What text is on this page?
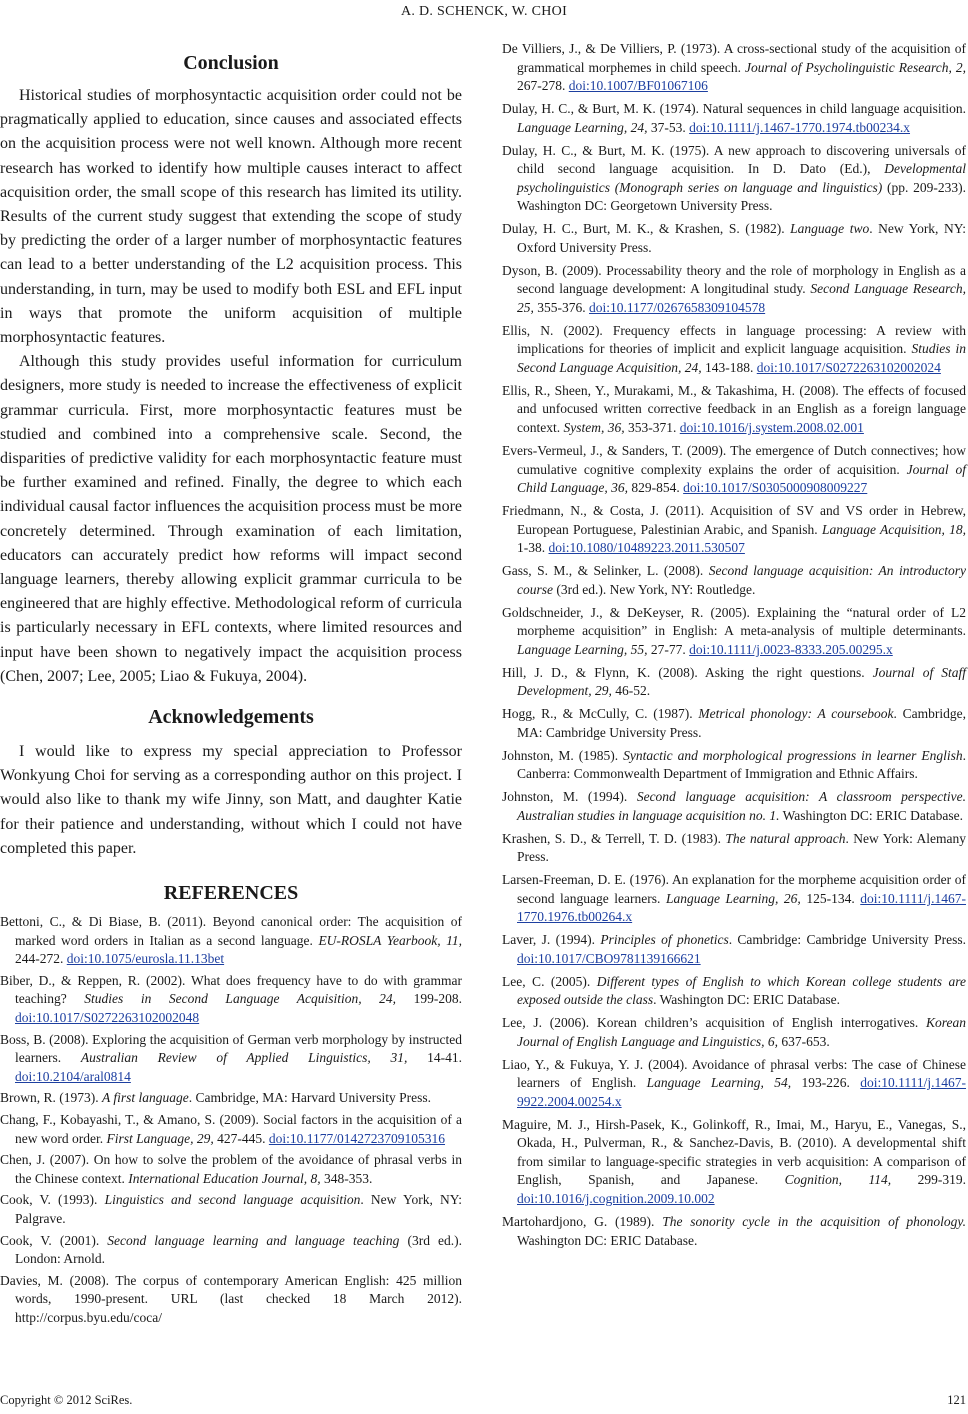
A. D. SCHENCK, W. CHOI
Conclusion

Historical studies of morphosyntactic acquisition order could not be pragmatically applied to education, since causes and associated effects on the acquisition process were not well known. Although more recent research has worked to identify how multiple causes interact to affect acquisition order, the small scope of this research has limited its utility. Results of the current study suggest that extending the scope of study by predicting the order of a larger number of morphosyntactic features can lead to a better understanding of the L2 acquisition process. This understanding, in turn, may be used to modify both ESL and EFL input in ways that promote the uniform acquisition of multiple morphosyntactic features.

Although this study provides useful information for curriculum designers, more study is needed to increase the effectiveness of explicit grammar curricula. First, more morphosyntactic features must be studied and combined into a comprehensive scale. Second, the disparities of predictive validity for each morphosyntactic feature must be further examined and refined. Finally, the degree to which each individual causal factor influences the acquisition process must be more concretely determined. Through examination of each limitation, educators can accurately predict how reforms will impact second language learners, thereby allowing explicit grammar curricula to be engineered that are highly effective. Methodological reform of curricula is particularly necessary in EFL contexts, where limited resources and input have been shown to negatively impact the acquisition process (Chen, 2007; Lee, 2005; Liao & Fukuya, 2004).

Acknowledgements

I would like to express my special appreciation to Professor Wonkyung Choi for serving as a corresponding author on this project. I would also like to thank my wife Jinny, son Matt, and daughter Katie for their patience and understanding, without which I could not have completed this paper.

REFERENCES

Bettoni, C., & Di Biase, B. (2011). Beyond canonical order: The acquisition of marked word orders in Italian as a second language. EU-ROSLA Yearbook, 11, 244-272. doi:10.1075/eurosla.11.13bet

Biber, D., & Reppen, R. (2002). What does frequency have to do with grammar teaching? Studies in Second Language Acquisition, 24, 199-208. doi:10.1017/S0272263102002048

Boss, B. (2008). Exploring the acquisition of German verb morphology by instructed learners. Australian Review of Applied Linguistics, 31, 14-41. doi:10.2104/aral0814

Brown, R. (1973). A first language. Cambridge, MA: Harvard University Press.

Chang, F., Kobayashi, T., & Amano, S. (2009). Social factors in the acquisition of a new word order. First Language, 29, 427-445. doi:10.1177/0142723709105316

Chen, J. (2007). On how to solve the problem of the avoidance of phrasal verbs in the Chinese context. International Education Journal, 8, 348-353.

Cook, V. (1993). Linguistics and second language acquisition. New York, NY: Palgrave.

Cook, V. (2001). Second language learning and language teaching (3rd ed.). London: Arnold.

Davies, M. (2008). The corpus of contemporary American English: 425 million words, 1990-present. URL (last checked 18 March 2012). http://corpus.byu.edu/coca/

De Villiers, J., & De Villiers, P. (1973). A cross-sectional study of the acquisition of grammatical morphemes in child speech. Journal of Psycholinguistic Research, 2, 267-278. doi:10.1007/BF01067106

Dulay, H. C., & Burt, M. K. (1974). Natural sequences in child language acquisition. Language Learning, 24, 37-53. doi:10.1111/j.1467-1770.1974.tb00234.x

Dulay, H. C., & Burt, M. K. (1975). A new approach to discovering universals of child second language acquisition. In D. Dato (Ed.), Developmental psycholinguistics (Monograph series on language and linguistics) (pp. 209-233). Washington DC: Georgetown University Press.

Dulay, H. C., Burt, M. K., & Krashen, S. (1982). Language two. New York, NY: Oxford University Press.

Dyson, B. (2009). Processability theory and the role of morphology in English as a second language development: A longitudinal study. Second Language Research, 25, 355-376. doi:10.1177/0267658309104578

Ellis, N. (2002). Frequency effects in language processing: A review with implications for theories of implicit and explicit language acquisition. Studies in Second Language Acquisition, 24, 143-188. doi:10.1017/S0272263102002024

Ellis, R., Sheen, Y., Murakami, M., & Takashima, H. (2008). The effects of focused and unfocused written corrective feedback in an English as a foreign language context. System, 36, 353-371. doi:10.1016/j.system.2008.02.001

Evers-Vermeul, J., & Sanders, T. (2009). The emergence of Dutch connectives; how cumulative cognitive complexity explains the order of acquisition. Journal of Child Language, 36, 829-854. doi:10.1017/S0305000908009227

Friedmann, N., & Costa, J. (2011). Acquisition of SV and VS order in Hebrew, European Portuguese, Palestinian Arabic, and Spanish. Language Acquisition, 18, 1-38. doi:10.1080/10489223.2011.530507

Gass, S. M., & Selinker, L. (2008). Second language acquisition: An introductory course (3rd ed.). New York, NY: Routledge.

Goldschneider, J., & DeKeyser, R. (2005). Explaining the “natural order of L2 morpheme acquisition” in English: A meta-analysis of multiple determinants. Language Learning, 55, 27-77. doi:10.1111/j.0023-8333.205.00295.x

Hill, J. D., & Flynn, K. (2008). Asking the right questions. Journal of Staff Development, 29, 46-52.

Hogg, R., & McCully, C. (1987). Metrical phonology: A coursebook. Cambridge, MA: Cambridge University Press.

Johnston, M. (1985). Syntactic and morphological progressions in learner English. Canberra: Commonwealth Department of Immigration and Ethnic Affairs.

Johnston, M. (1994). Second language acquisition: A classroom perspective. Australian studies in language acquisition no. 1. Washington DC: ERIC Database.

Krashen, S. D., & Terrell, T. D. (1983). The natural approach. New York: Alemany Press.

Larsen-Freeman, D. E. (1976). An explanation for the morpheme acquisition order of second language learners. Language Learning, 26, 125-134. doi:10.1111/j.1467-1770.1976.tb00264.x

Laver, J. (1994). Principles of phonetics. Cambridge: Cambridge University Press. doi:10.1017/CBO9781139166621

Lee, C. (2005). Different types of English to which Korean college students are exposed outside the class. Washington DC: ERIC Database.

Lee, J. (2006). Korean children’s acquisition of English interrogatives. Korean Journal of English Language and Linguistics, 6, 637-653.

Liao, Y., & Fukuya, Y. J. (2004). Avoidance of phrasal verbs: The case of Chinese learners of English. Language Learning, 54, 193-226. doi:10.1111/j.1467-9922.2004.00254.x

Maguire, M. J., Hirsh-Pasek, K., Golinkoff, R., Imai, M., Haryu, E., Vanegas, S., Okada, H., Pulverman, R., & Sanchez-Davis, B. (2010). A developmental shift from similar to language-specific strategies in verb acquisition: A comparison of English, Spanish, and Japanese. Cognition, 114, 299-319. doi:10.1016/j.cognition.2009.10.002

Martohardjono, G. (1989). The sonority cycle in the acquisition of phonology. Washington DC: ERIC Database.

Copyright © 2012 SciRes.	121
